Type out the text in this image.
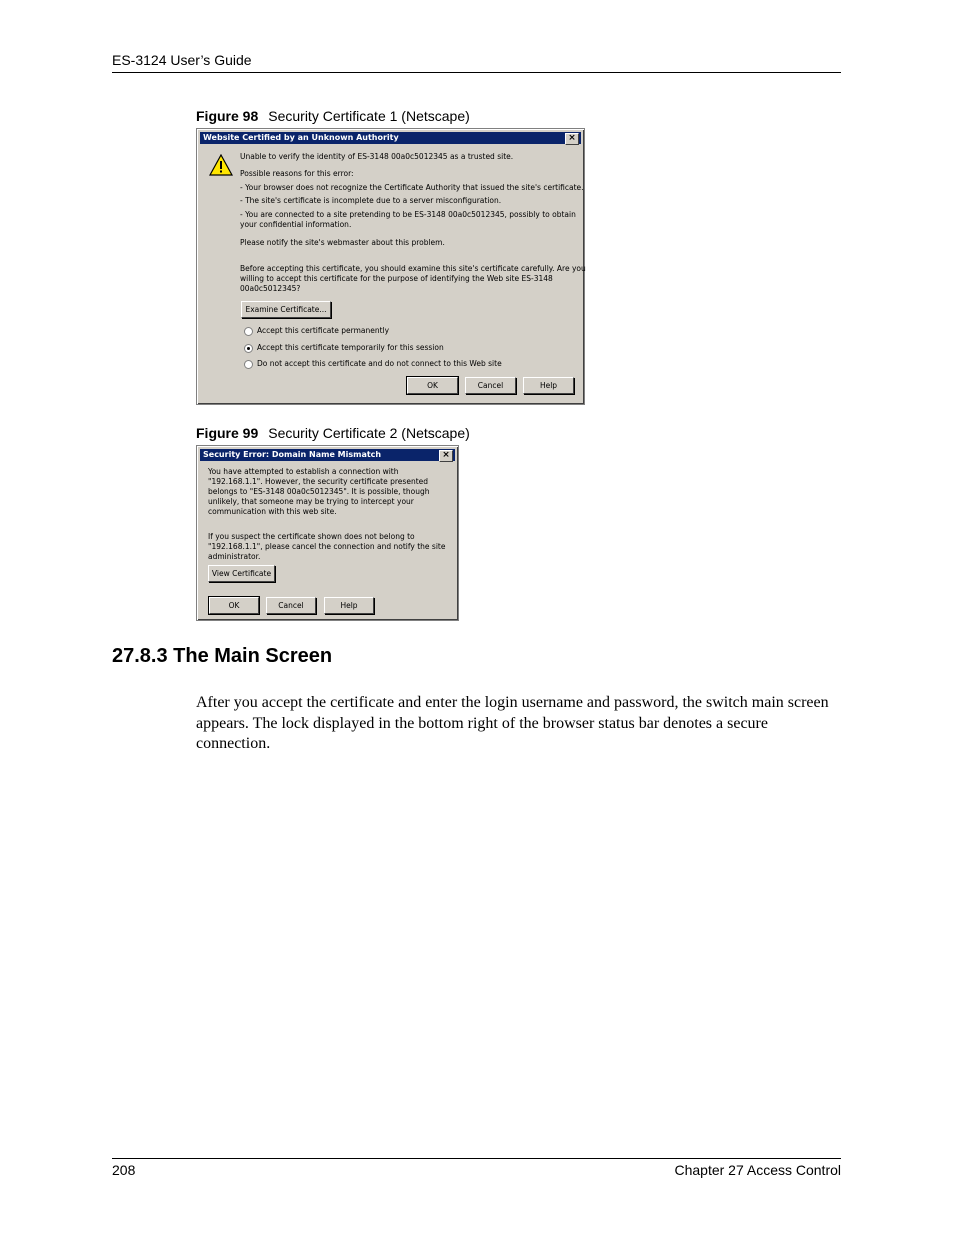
ES-3124 User’s Guide
Figure 98 Security Certificate 1 (Netscape)
Website Certified by an Unknown Authority	×
Unable to verify the identity of ES-3148 00a0c5012345 as a trusted site.
Possible reasons for this error:
- Your browser does not recognize the Certificate Authority that issued the site's certificate.
- The site's certificate is incomplete due to a server misconfiguration.
- You are connected to a site pretending to be ES-3148 00a0c5012345, possibly to obtain
your confidential information.
Please notify the site's webmaster about this problem.
Before accepting this certificate, you should examine this site's certificate carefully. Are you
willing to accept this certificate for the purpose of identifying the Web site ES-3148
00a0c5012345?
Examine Certificate...
Accept this certificate permanently
Accept this certificate temporarily for this session
Do not accept this certificate and do not connect to this Web site
OK	Cancel	Help
Figure 99 Security Certificate 2 (Netscape)
Security Error: Domain Name Mismatch	×
You have attempted to establish a connection with
"192.168.1.1". However, the security certificate presented
belongs to "ES-3148 00a0c5012345". It is possible, though
unlikely, that someone may be trying to intercept your
communication with this web site.
If you suspect the certificate shown does not belong to
"192.168.1.1", please cancel the connection and notify the site
administrator.
View Certificate
OK	Cancel	Help
27.8.3 The Main Screen
After you accept the certificate and enter the login username and password, the switch main screen appears. The lock displayed in the bottom right of the browser status bar denotes a secure connection.
208	Chapter 27 Access Control
